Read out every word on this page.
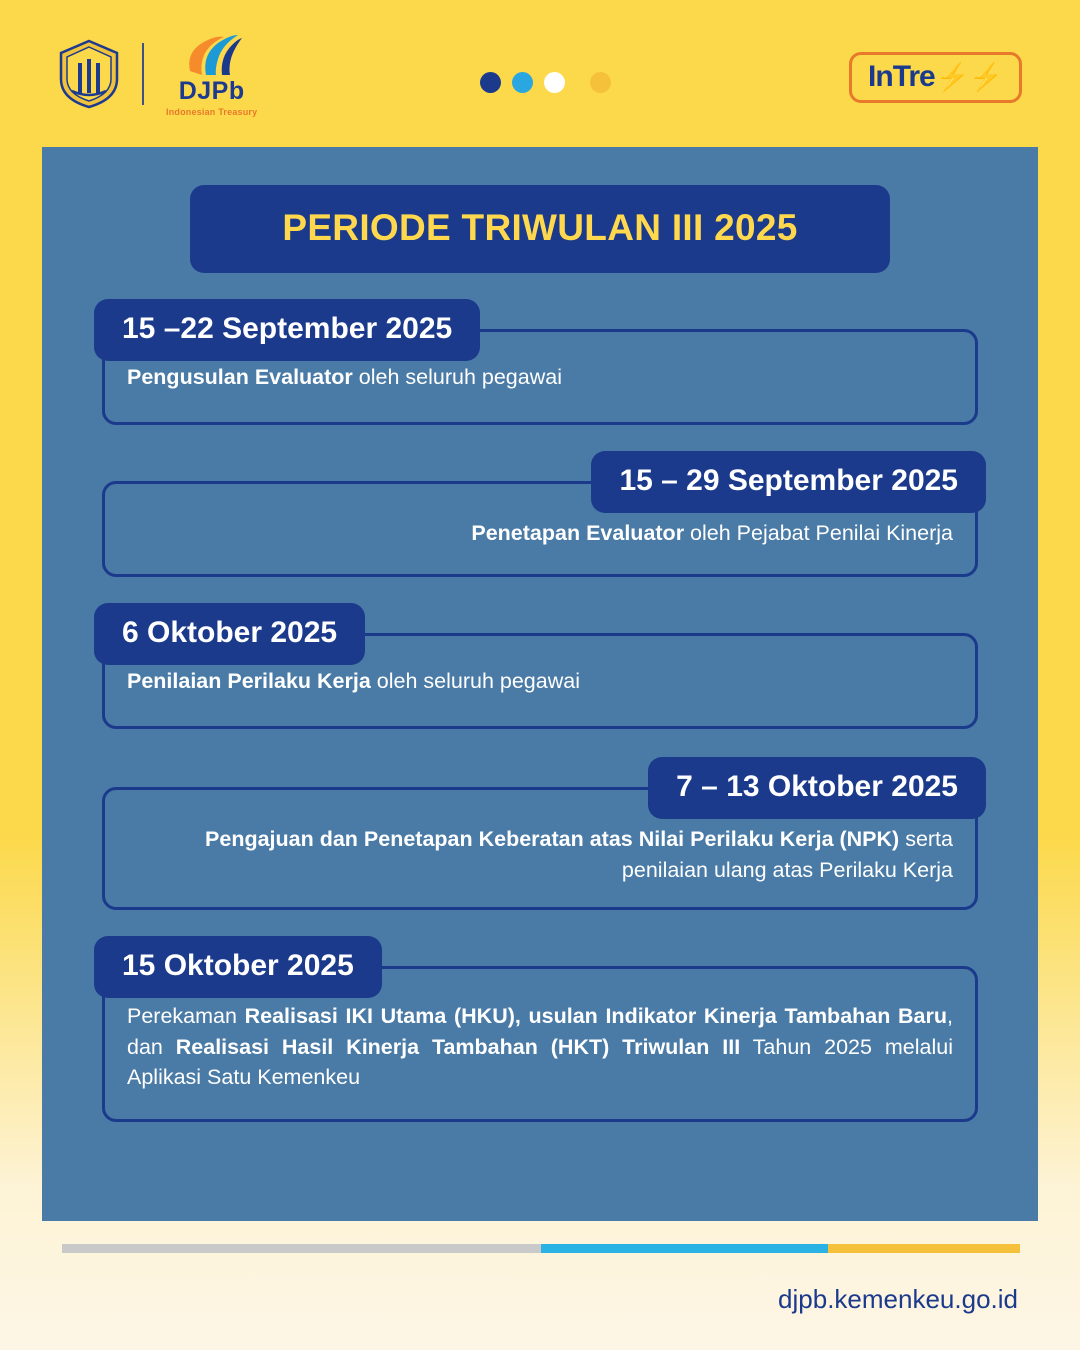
DJPb
Indonesian Treasury
InTre ⚡⚡
PERIODE TRIWULAN III 2025
15 –22 September 2025
Pengusulan Evaluator oleh seluruh pegawai
15 – 29 September 2025
Penetapan Evaluator oleh Pejabat Penilai Kinerja
6 Oktober 2025
Penilaian Perilaku Kerja oleh seluruh pegawai
7 – 13 Oktober 2025
Pengajuan dan Penetapan Keberatan atas Nilai Perilaku Kerja (NPK) serta penilaian ulang atas Perilaku Kerja
15 Oktober 2025
Perekaman Realisasi IKI Utama (HKU), usulan Indikator Kinerja Tambahan Baru, dan Realisasi Hasil Kinerja Tambahan (HKT) Triwulan III Tahun 2025 melalui Aplikasi Satu Kemenkeu
djpb.kemenkeu.go.id
